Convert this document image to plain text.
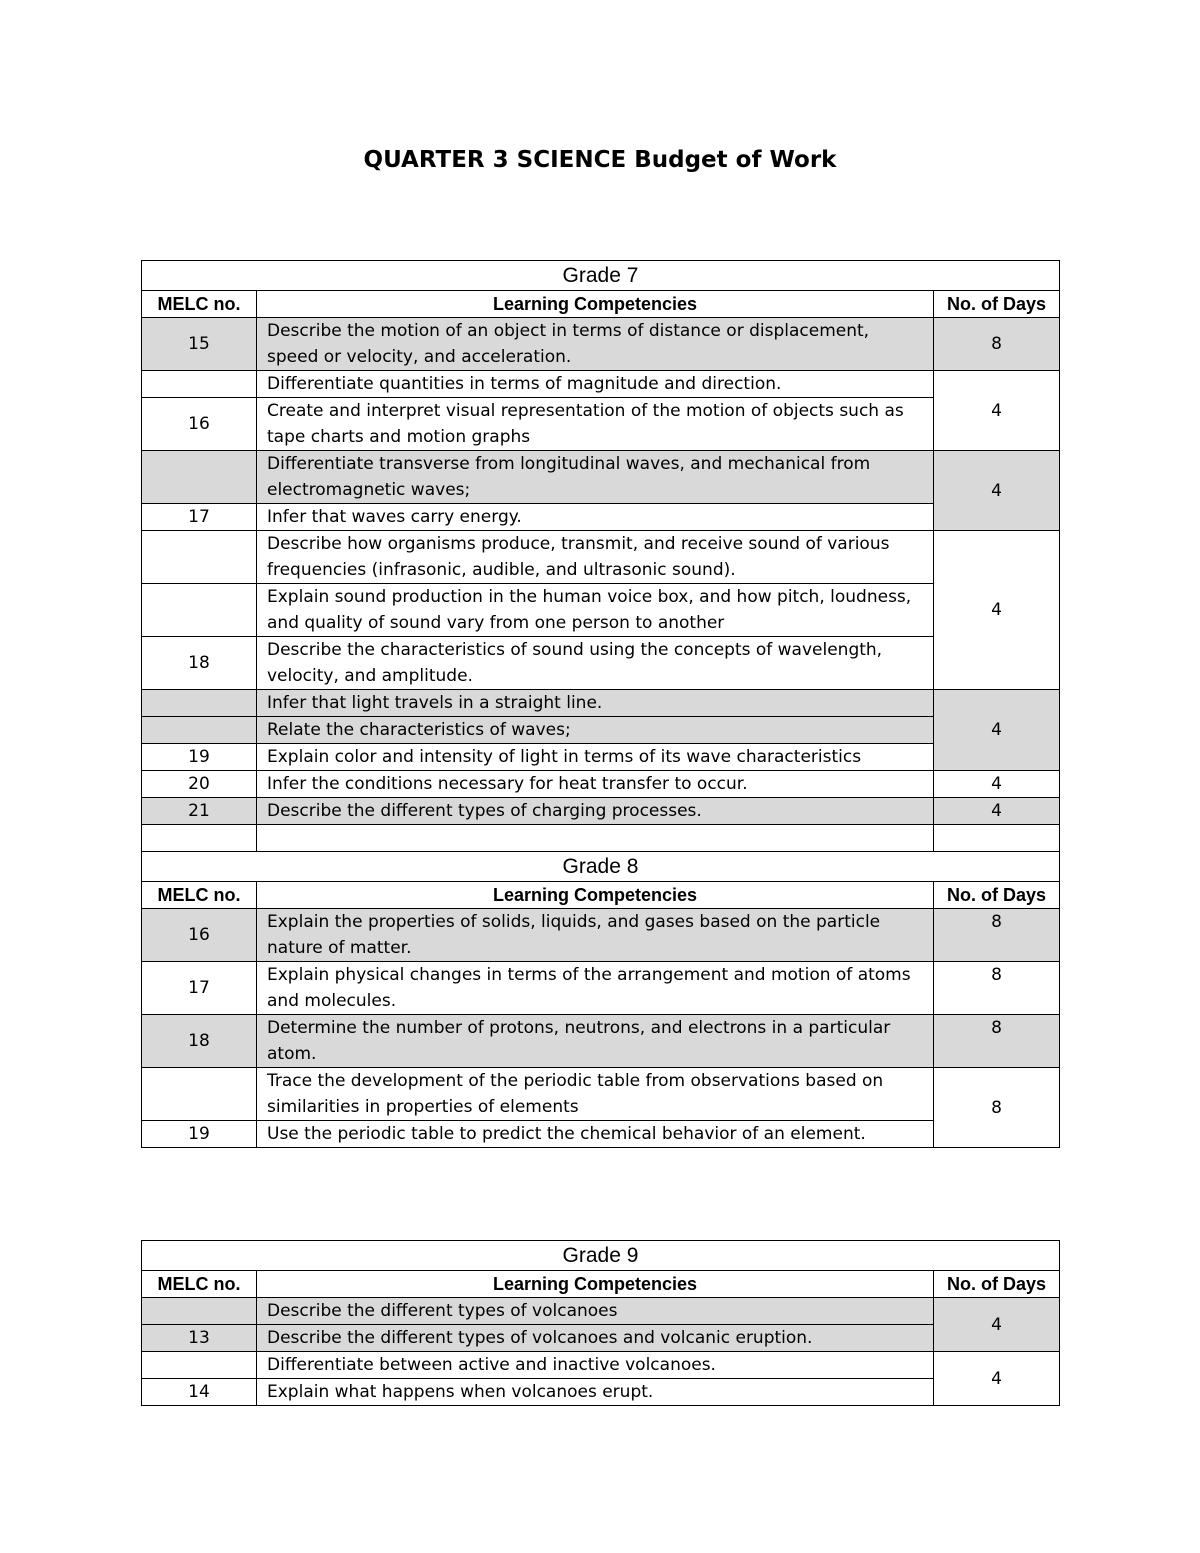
QUARTER 3 SCIENCE Budget of Work
Grade 7		
MELC no.	Learning Competencies	No. of Days
15	Describe the motion of an object in terms of distance or displacement, speed or velocity, and acceleration.	8
	Differentiate quantities in terms of magnitude and direction.	4
16	Create and interpret visual representation of the motion of objects such as tape charts and motion graphs	
	Differentiate transverse from longitudinal waves, and mechanical from electromagnetic waves;	4
17	Infer that waves carry energy.	
	Describe how organisms produce, transmit, and receive sound of various frequencies (infrasonic, audible, and ultrasonic sound).	4
	Explain sound production in the human voice box, and how pitch, loudness, and quality of sound vary from one person to another	
18	Describe the characteristics of sound using the concepts of wavelength, velocity, and amplitude.	
	Infer that light travels in a straight line.	4
	Relate the characteristics of waves;	
19	Explain color and intensity of light in terms of its wave characteristics	
20	Infer the conditions necessary for heat transfer to occur.	4
21	Describe the different types of charging processes.	4

Grade 8		
MELC no.	Learning Competencies	No. of Days
16	Explain the properties of solids, liquids, and gases based on the particle nature of matter.	8
17	Explain physical changes in terms of the arrangement and motion of atoms and molecules.	8
18	Determine the number of protons, neutrons, and electrons in a particular atom.	8
	Trace the development of the periodic table from observations based on similarities in properties of elements	8
19	Use the periodic table to predict the chemical behavior of an element.	
Grade 9		
MELC no.	Learning Competencies	No. of Days
	Describe the different types of volcanoes	4
13	Describe the different types of volcanoes and volcanic eruption.	
	Differentiate between active and inactive volcanoes.	4
14	Explain what happens when volcanoes erupt.	
